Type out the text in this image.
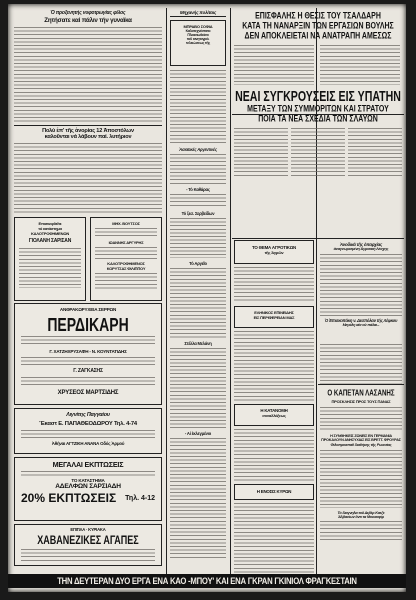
Ὁ προξενητής νυφοτρωγίας φίλος
Ζητήσατε καί πάλιν τήν γυναϊκα
Πολύ ἐπ' τῆς ἀνορίας 12 Ἀποστόλων
καλοῦνται νά λάβουν παί. λυτήριον
Επισκεφθεῖτε
τό κατάστημα
ΚΑΛΟΤΡΟΦΗΜΕΝΩΝ
ΓΙΟΛΑΝΗ ΣΑΡΙΣΑΝ
ΜΗΧ. ΒΟΥΤΣΟΣ
ΙΩΑΝΝΗΣ ΑΡΓΥΡΗΣ
ΚΑΛΟΤΡΟΦΗΜΕΝΟΣ
ΚΟΡΥΤΣΑΣ ΦΙΛΙΠΠΟΥ
ΑΝΘΡΑΚΩΡΥΧΕΙΑ ΣΕΡΡΩΝ
ΠΕΡΔΙΚΑΡΗ
Γ. ΧΑΤΖΗΧΡΥΣΑΦΗ - Ν. ΚΟΥΝΤΑΤΙΔΗΣ
Γ. ΖΑΓΚΑΣΗΣ
ΧΡΥΣΕΟΣ ΜΑΡΤΣΙΔΗΣ
Λιγνίτης Παγγαίου
Ἔκαστ Ε. ΠΑΠΑΘΕΟΔΩΡΟΥ Τηλ. 4-74
Ἀθήναι ΑΓΤΖΙΚΗ ΑΝΑΝΑ Οδός Ἀρμού
ΜΕΓΑΛΑΙ ΕΚΠΤΩΣΕΙΣ
ΤΟ ΚΑΤΑΣΤΗΜΑ
ΑΔΕΛΦΩΝ ΣΑΡΣΙΑΔΗ
20% ΕΚΠΤΩΣΕΙΣ Τηλ. 4-12
ΕΠΙΠΛΑ · ΚΥΡΙΑΚΑ
ΧΑΒΑΝΕΖΙΚΕΣ ΑΓΑΠΕΣ
Μηχανής πολίταις
ΜΠΡΑΒΟ ΣΟΦΙΑ
Καλοτεχνέστατο
Πλαισιωθείσα
τοῦ κινητογρά.
τελειώσεως τῆς
Ἀσιατικές Αργεντινές
- Τό Καθάρας
Τό ξεσ. Σερβείδων
Τό Αργεῖο
Στέλλα Μελάνη
- Αἱ ἐκλεγμένοι
ΕΠΙΣΦΑΛΗΣ Η ΘΕΣΙΣ ΤΟΥ ΤΣΑΛΔΑΡΗ
ΚΑΤΑ ΤΗ ΝΑΝΑΡΞΙΝ ΤΩΝ ΕΡΓΑΣΙΩΝ ΒΟΥΛΗΣ
ΔΕΝ ΑΠΟΚΛΕΙΕΤΑΙ ΝΑ ΑΝΑΤΡΑΠΗ ΑΜΕΣΩΣ
ΝΕΑΙ ΣΥΓΚΡΟΥΣΕΙΣ ΕΙΣ ΥΠΑΤΗΝ
ΜΕΤΑΞΥ ΤΩΝ ΣΥΜΜΟΡΙΤΩΝ ΚΑΙ ΣΤΡΑΤΟΥ
ΠΟΙΑ ΤΑ ΝΕΑ ΣΧΕΔΙΑ ΤΩΝ ΣΛΑΥΩΝ
ΤΟ ΘΕΜΑ ΑΓΡΟΤΙΚΩΝ
τῆς Ἀγρῶν
ΕΛΗΝΙΚΟΣ ΕΠΙΝΕΙΔΗΣ
ΕΙΣ ΠΕΡΙΦΕΡΕΙΑΝ ΜΑΣ
Η ΚΑΤΑΝΟΜΗ
συναλλάξεως
Η ΕΝΟΣΙΣ ΚΥΡΩΝ
Ἀνοδικά τῆς ὁπαρχίας
ἀναγνωρισμένη Ἀγροτική Λέσχης
Ὁ Ἑπισκοπάκη ν. Δεσπόλαν τής Λέφκου
Μεγάλη αἰσ οὐ πάλαι...
Ο ΚΑΠΕΤΑΝ ΛΑΣΑΝΗΣ
ΠΡΟΣΚΛΗΣΙΣ ΠΡΟΣ ΤΟΥΣ ΠΑΝΑΣ
Η ΣΥΝΘΗΚΕΙΣ ΖΩΝΕΙΣ ΕΝ ΓΕΡΜΑΝΙΑ
ΠΡΟΚΑΛΟΥΝ ΑΝΗΣΥΧΙΑΣ ΕΙΣ ΒΡΕΤΤ. ΦΡΟΥΡΑΣ
Φιλοπροσπαθ διαθήκης τῆς Ρωσσίας
Τό διαγνηλα τοῦ Δεβὲρ Κατζε
Ἀλβανίων ὄντι τα Μουσαφίρ
ΤΗΝ ΔΕΥΤΕΡΑΝ ΔΥΟ ΕΡΓΑ ΕΝΑ ΚΑΟ -ΜΠΟΥ' ΚΑΙ ΕΝΑ ΓΚΡΑΝ ΓΚΙΝΙΟΛ ΦΡΑΓΚΕΣΤΑΙΝ
